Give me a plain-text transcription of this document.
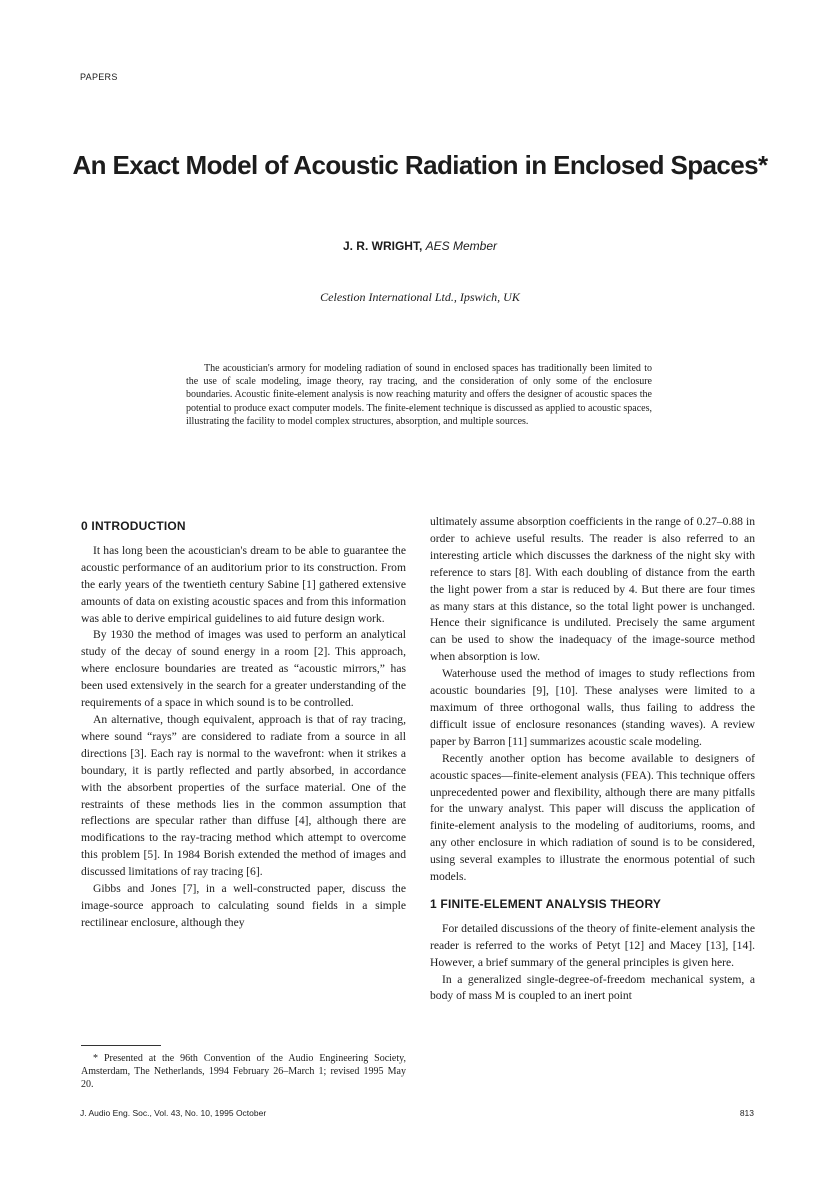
PAPERS
An Exact Model of Acoustic Radiation in Enclosed Spaces*
J. R. WRIGHT, AES Member
Celestion International Ltd., Ipswich, UK

The acoustician's armory for modeling radiation of sound in enclosed spaces has traditionally been limited to the use of scale modeling, image theory, ray tracing, and the consideration of only some of the enclosure boundaries. Acoustic finite-element analysis is now reaching maturity and offers the designer of acoustic spaces the potential to produce exact computer models. The finite-element technique is discussed as applied to acoustic spaces, illustrating the facility to model complex structures, absorption, and multiple sources.

0 INTRODUCTION

It has long been the acoustician's dream to be able to guarantee the acoustic performance of an auditorium prior to its construction. From the early years of the twentieth century Sabine [1] gathered extensive amounts of data on existing acoustic spaces and from this information was able to derive empirical guidelines to aid future design work.

By 1930 the method of images was used to perform an analytical study of the decay of sound energy in a room [2]. This approach, where enclosure boundaries are treated as “acoustic mirrors,” has been used extensively in the search for a greater understanding of the requirements of a space in which sound is to be controlled.

An alternative, though equivalent, approach is that of ray tracing, where sound “rays” are considered to radiate from a source in all directions [3]. Each ray is normal to the wavefront: when it strikes a boundary, it is partly reflected and partly absorbed, in accordance with the absorbent properties of the surface material. One of the restraints of these methods lies in the common assumption that reflections are specular rather than diffuse [4], although there are modifications to the ray-tracing method which attempt to overcome this problem [5]. In 1984 Borish extended the method of images and discussed limitations of ray tracing [6].

Gibbs and Jones [7], in a well-constructed paper, discuss the image-source approach to calculating sound fields in a simple rectilinear enclosure, although they

ultimately assume absorption coefficients in the range of 0.27–0.88 in order to achieve useful results. The reader is also referred to an interesting article which discusses the darkness of the night sky with reference to stars [8]. With each doubling of distance from the earth the light power from a star is reduced by 4. But there are four times as many stars at this distance, so the total light power is unchanged. Hence their significance is undiluted. Precisely the same argument can be used to show the inadequacy of the image-source method when absorption is low.

Waterhouse used the method of images to study reflections from acoustic boundaries [9], [10]. These analyses were limited to a maximum of three orthogonal walls, thus failing to address the difficult issue of enclosure resonances (standing waves). A review paper by Barron [11] summarizes acoustic scale modeling.

Recently another option has become available to designers of acoustic spaces—finite-element analysis (FEA). This technique offers unprecedented power and flexibility, although there are many pitfalls for the unwary analyst. This paper will discuss the application of finite-element analysis to the modeling of auditoriums, rooms, and any other enclosure in which radiation of sound is to be considered, using several examples to illustrate the enormous potential of such models.

1 FINITE-ELEMENT ANALYSIS THEORY

For detailed discussions of the theory of finite-element analysis the reader is referred to the works of Petyt [12] and Macey [13], [14]. However, a brief summary of the general principles is given here.

In a generalized single-degree-of-freedom mechanical system, a body of mass M is coupled to an inert point

* Presented at the 96th Convention of the Audio Engineering Society, Amsterdam, The Netherlands, 1994 February 26–March 1; revised 1995 May 20.

J. Audio Eng. Soc., Vol. 43, No. 10, 1995 October	813
